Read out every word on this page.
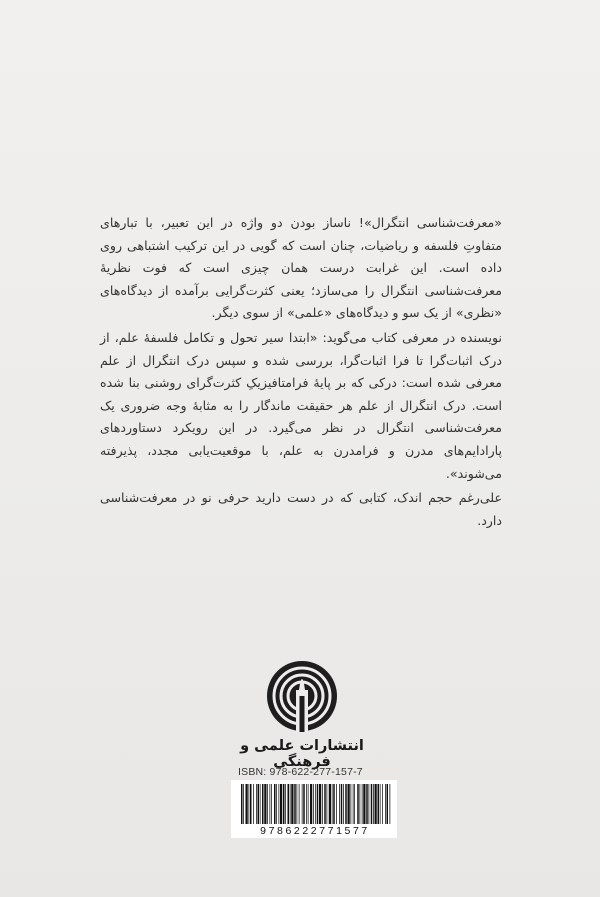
«معرفت‌شناسی انتگرال»! ناساز بودن دو واژه در این تعبیر، با تبارهای متفاوتِ فلسفه و ریاضیات، چنان است که گویی در این ترکیب اشتباهی روی داده است. این غرابت درست همان چیزی است که فوت نظریهٔ معرفت‌شناسی انتگرال را می‌سازد؛ یعنی کثرت‌گرایی برآمده از دیدگاه‌های «نظری» از یک سو و دیدگاه‌های «علمی» از سوی دیگر.

نویسنده در معرفی کتاب می‌گوید: «ابتدا سیر تحول و تکامل فلسفهٔ علم، از درک اثبات‌گرا تا فرا اثبات‌گرا، بررسی شده و سپس درک انتگرال از علم معرفی شده است: درکی که بر پایهٔ فرامتافیزیکِ کثرت‌گرای روشنی بنا شده است. درک انتگرال از علم هر حقیقت ماندگار را به مثابهٔ وجه ضروری یک معرفت‌شناسی انتگرال در نظر می‌گیرد. در این رویکرد دستاوردهای پارادایم‌های مدرن و فرامدرن به علم، با موقعیت‌یابی مجدد، پذیرفته می‌شوند».

علی‌رغم حجم اندک، کتابی که در دست دارید حرفی نو در معرفت‌شناسی دارد.

انتشارات علمی و فرهنگی
ISBN: 978-622-277-157-7
9786222771577
